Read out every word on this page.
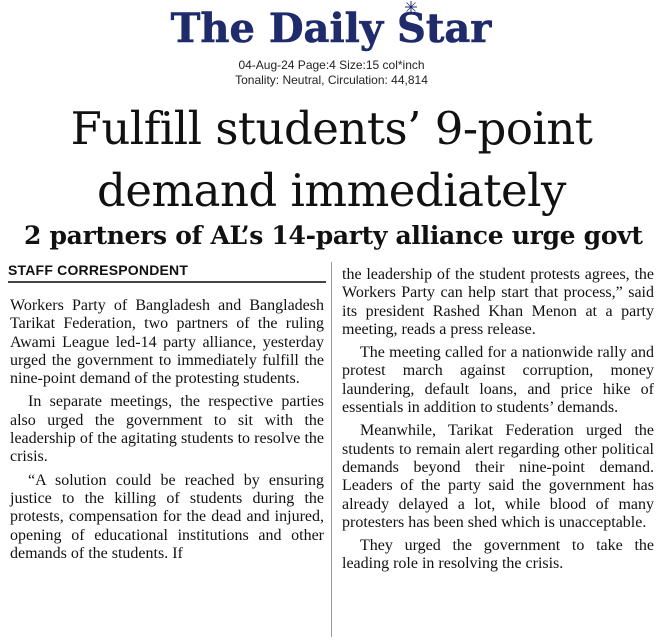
The Daily Star
04-Aug-24 Page:4 Size:15 col*inch
Tonality: Neutral, Circulation: 44,814
Fulfill students’ 9-point
demand immediately
2 partners of AL’s 14-party alliance urge govt
STAFF CORRESPONDENT

Workers Party of Bangladesh and Bangladesh Tarikat Federation, two partners of the ruling Awami League led-14 party alliance, yesterday urged the government to immediately fulfill the nine-point demand of the protesting students.

In separate meetings, the respective parties also urged the government to sit with the leadership of the agitating students to resolve the crisis.

“A solution could be reached by ensuring justice to the killing of students during the protests, compensation for the dead and injured, opening of educational institutions and other demands of the students. If

the leadership of the student protests agrees, the Workers Party can help start that process,” said its president Rashed Khan Menon at a party meeting, reads a press release.

The meeting called for a nationwide rally and protest march against corruption, money laundering, default loans, and price hike of essentials in addition to students’ demands.

Meanwhile, Tarikat Federation urged the students to remain alert regarding other political demands beyond their nine-point demand. Leaders of the party said the government has already delayed a lot, while blood of many protesters has been shed which is unacceptable.

They urged the government to take the leading role in resolving the crisis.
